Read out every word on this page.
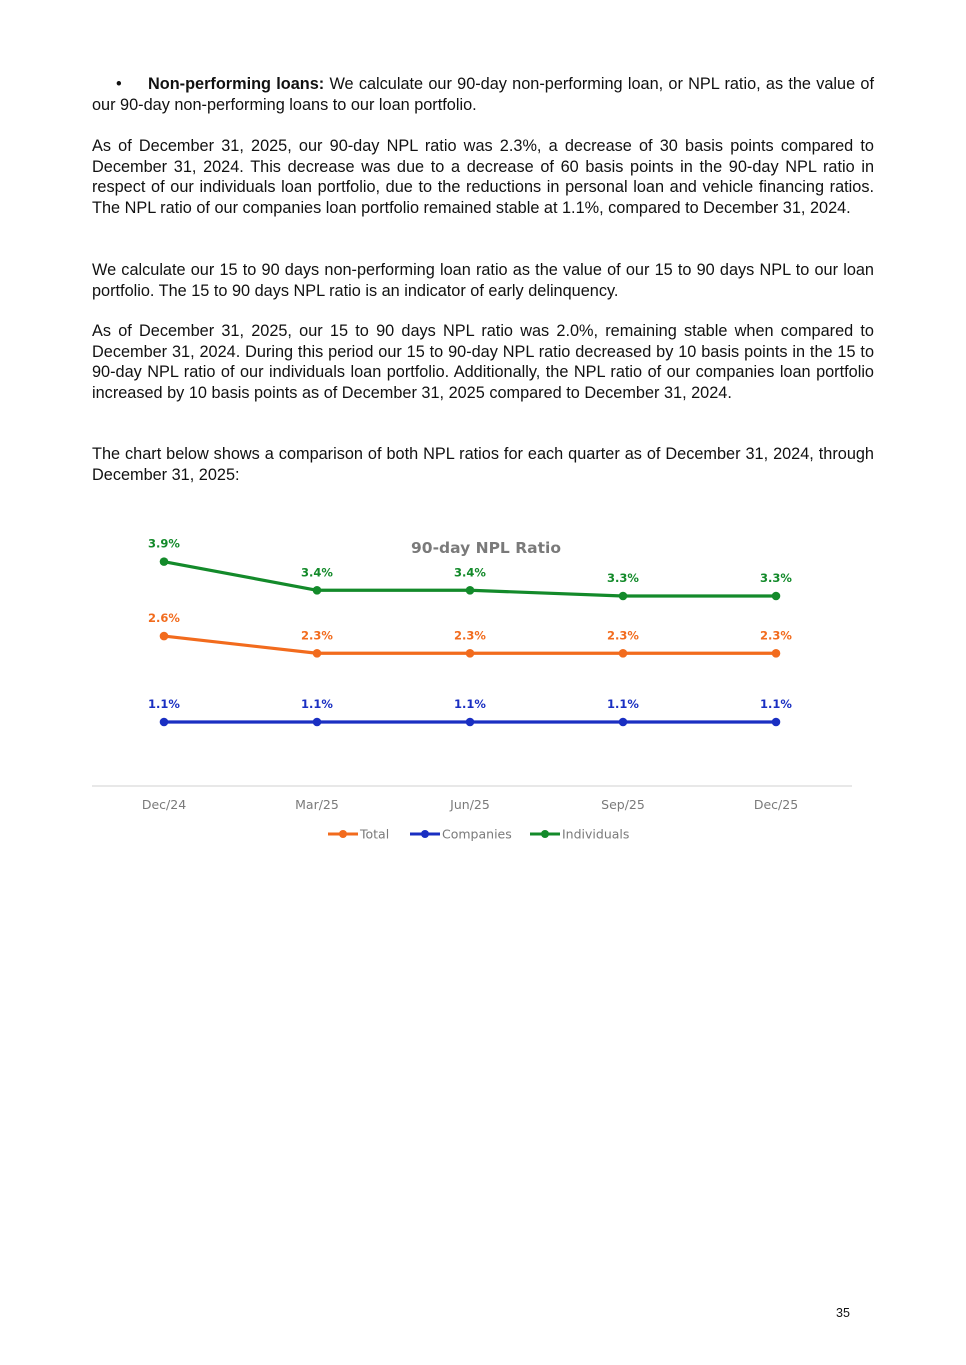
• Non-performing loans: We calculate our 90-day non-performing loan, or NPL ratio, as the value of our 90-day non-performing loans to our loan portfolio.

As of December 31, 2025, our 90-day NPL ratio was 2.3%, a decrease of 30 basis points compared to December 31, 2024. This decrease was due to a decrease of 60 basis points in the 90-day NPL ratio in respect of our individuals loan portfolio, due to the reductions in personal loan and vehicle financing ratios. The NPL ratio of our companies loan portfolio remained stable at 1.1%, compared to December 31, 2024.

We calculate our 15 to 90 days non-performing loan ratio as the value of our 15 to 90 days NPL to our loan portfolio. The 15 to 90 days NPL ratio is an indicator of early delinquency.

As of December 31, 2025, our 15 to 90 days NPL ratio was 2.0%, remaining stable when compared to December 31, 2024. During this period our 15 to 90-day NPL ratio decreased by 10 basis points in the 15 to 90-day NPL ratio of our individuals loan portfolio. Additionally, the NPL ratio of our companies loan portfolio increased by 10 basis points as of December 31, 2025 compared to December 31, 2024.

The chart below shows a comparison of both NPL ratios for each quarter as of December 31, 2024, through December 31, 2025:

90-day NPL Ratio
2.6%
2.3%	2.3%	2.3%	2.3%
1.1%	1.1%	1.1%	1.1%	1.1%
3.9%
3.4%	3.4%	3.3%	3.3%
Dec/24	Mar/25	Jun/25	Sep/25	Dec/25
Total	Companies	Individuals
35
